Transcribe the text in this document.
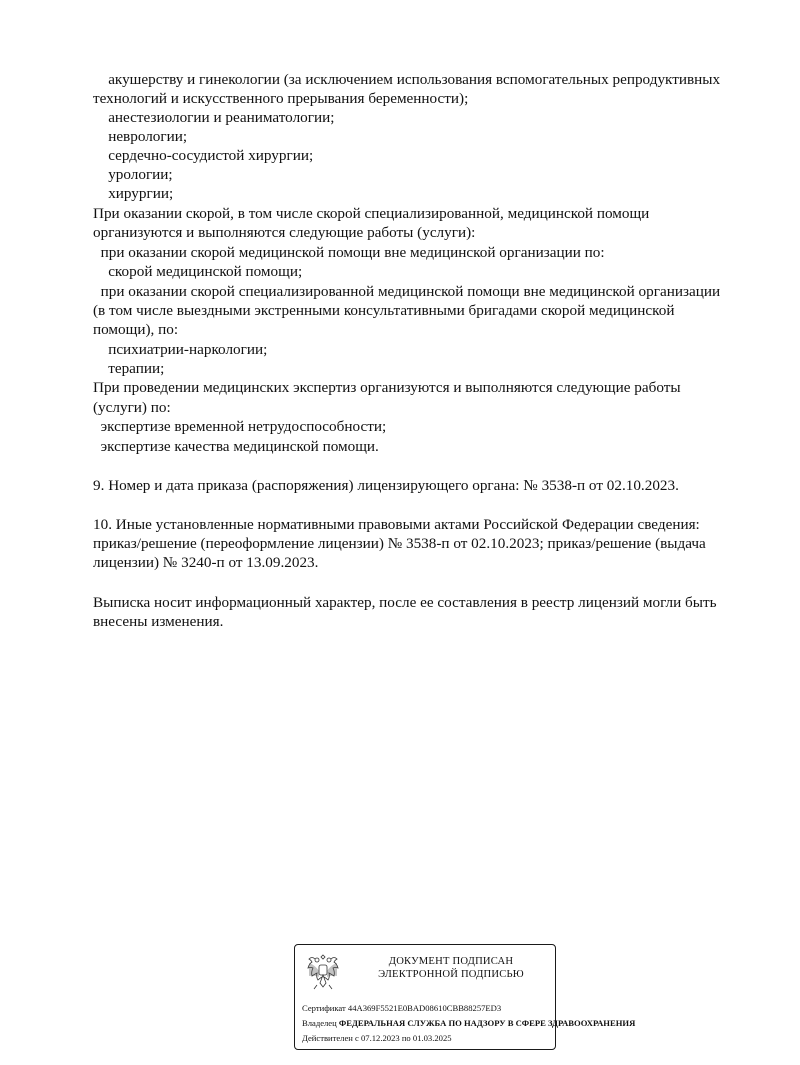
акушерству и гинекологии (за исключением использования вспомогательных репродуктивных
технологий и искусственного прерывания беременности);
анестезиологии и реаниматологии;
неврологии;
сердечно-сосудистой хирургии;
урологии;
хирургии;
При оказании скорой, в том числе скорой специализированной, медицинской помощи
организуются и выполняются следующие работы (услуги):
при оказании скорой медицинской помощи вне медицинской организации по:
скорой медицинской помощи;
при оказании скорой специализированной медицинской помощи вне медицинской организации
(в том числе выездными экстренными консультативными бригадами скорой медицинской
помощи), по:
психиатрии-наркологии;
терапии;
При проведении медицинских экспертиз организуются и выполняются следующие работы
(услуги) по:
экспертизе временной нетрудоспособности;
экспертизе качества медицинской помощи.
9. Номер и дата приказа (распоряжения) лицензирующего органа: № 3538-п от 02.10.2023.
10. Иные установленные нормативными правовыми актами Российской Федерации сведения:
приказ/решение (переоформление лицензии) № 3538-п от 02.10.2023; приказ/решение (выдача
лицензии) № 3240-п от 13.09.2023.
Выписка носит информационный характер, после ее составления в реестр лицензий могли быть
внесены изменения.
ДОКУМЕНТ ПОДПИСАН
ЭЛЕКТРОННОЙ ПОДПИСЬЮ
Сертификат 44A369F5521E0BAD08610CBB88257ED3
Владелец ФЕДЕРАЛЬНАЯ СЛУЖБА ПО НАДЗОРУ В СФЕРЕ ЗДРАВООХРАНЕНИЯ
Действителен с 07.12.2023 по 01.03.2025
